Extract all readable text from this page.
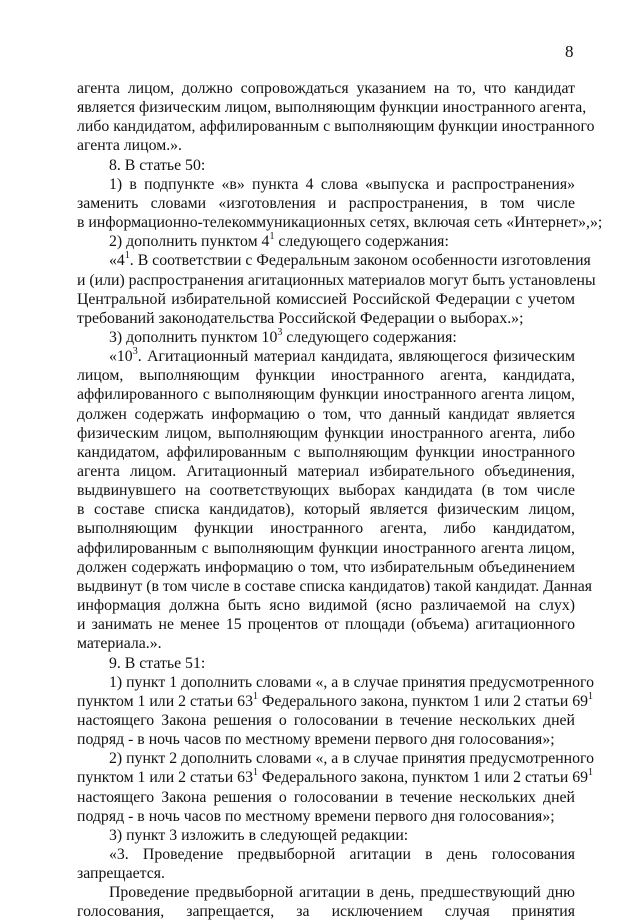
8
агента лицом, должно сопровождаться указанием на то, что кандидат
является физическим лицом, выполняющим функции иностранного агента,
либо кандидатом, аффилированным с выполняющим функции иностранного
агента лицом.».
8. В статье 50:
1) в подпункте «в» пункта 4 слова «выпуска и распространения»
заменить словами «изготовления и распространения, в том числе
в информационно-телекоммуникационных сетях, включая сеть «Интернет»,»;
2) дополнить пунктом $4^1$ следующего содержания:
«$4^1$. В соответствии с Федеральным законом особенности изготовления
и (или) распространения агитационных материалов могут быть установлены
Центральной избирательной комиссией Российской Федерации с учетом
требований законодательства Российской Федерации о выборах.»;
3) дополнить пунктом $10^3$ следующего содержания:
«$10^3$. Агитационный материал кандидата, являющегося физическим
лицом, выполняющим функции иностранного агента, кандидата,
аффилированного с выполняющим функции иностранного агента лицом,
должен содержать информацию о том, что данный кандидат является
физическим лицом, выполняющим функции иностранного агента, либо
кандидатом, аффилированным с выполняющим функции иностранного
агента лицом. Агитационный материал избирательного объединения,
выдвинувшего на соответствующих выборах кандидата (в том числе
в составе списка кандидатов), который является физическим лицом,
выполняющим функции иностранного агента, либо кандидатом,
аффилированным с выполняющим функции иностранного агента лицом,
должен содержать информацию о том, что избирательным объединением
выдвинут (в том числе в составе списка кандидатов) такой кандидат. Данная
информация должна быть ясно видимой (ясно различаемой на слух)
и занимать не менее 15 процентов от площади (объема) агитационного
материала.».
9. В статье 51:
1) пункт 1 дополнить словами «, а в случае принятия предусмотренного
пунктом 1 или 2 статьи $63^1$ Федерального закона, пунктом 1 или 2 статьи $69^1$
настоящего Закона решения о голосовании в течение нескольких дней
подряд - в ночь часов по местному времени первого дня голосования»;
2) пункт 2 дополнить словами «, а в случае принятия предусмотренного
пунктом 1 или 2 статьи $63^1$ Федерального закона, пунктом 1 или 2 статьи $69^1$
настоящего Закона решения о голосовании в течение нескольких дней
подряд - в ночь часов по местному времени первого дня голосования»;
3) пункт 3 изложить в следующей редакции:
«3. Проведение предвыборной агитации в день голосования
запрещается.
Проведение предвыборной агитации в день, предшествующий дню
голосования, запрещается, за исключением случая принятия
